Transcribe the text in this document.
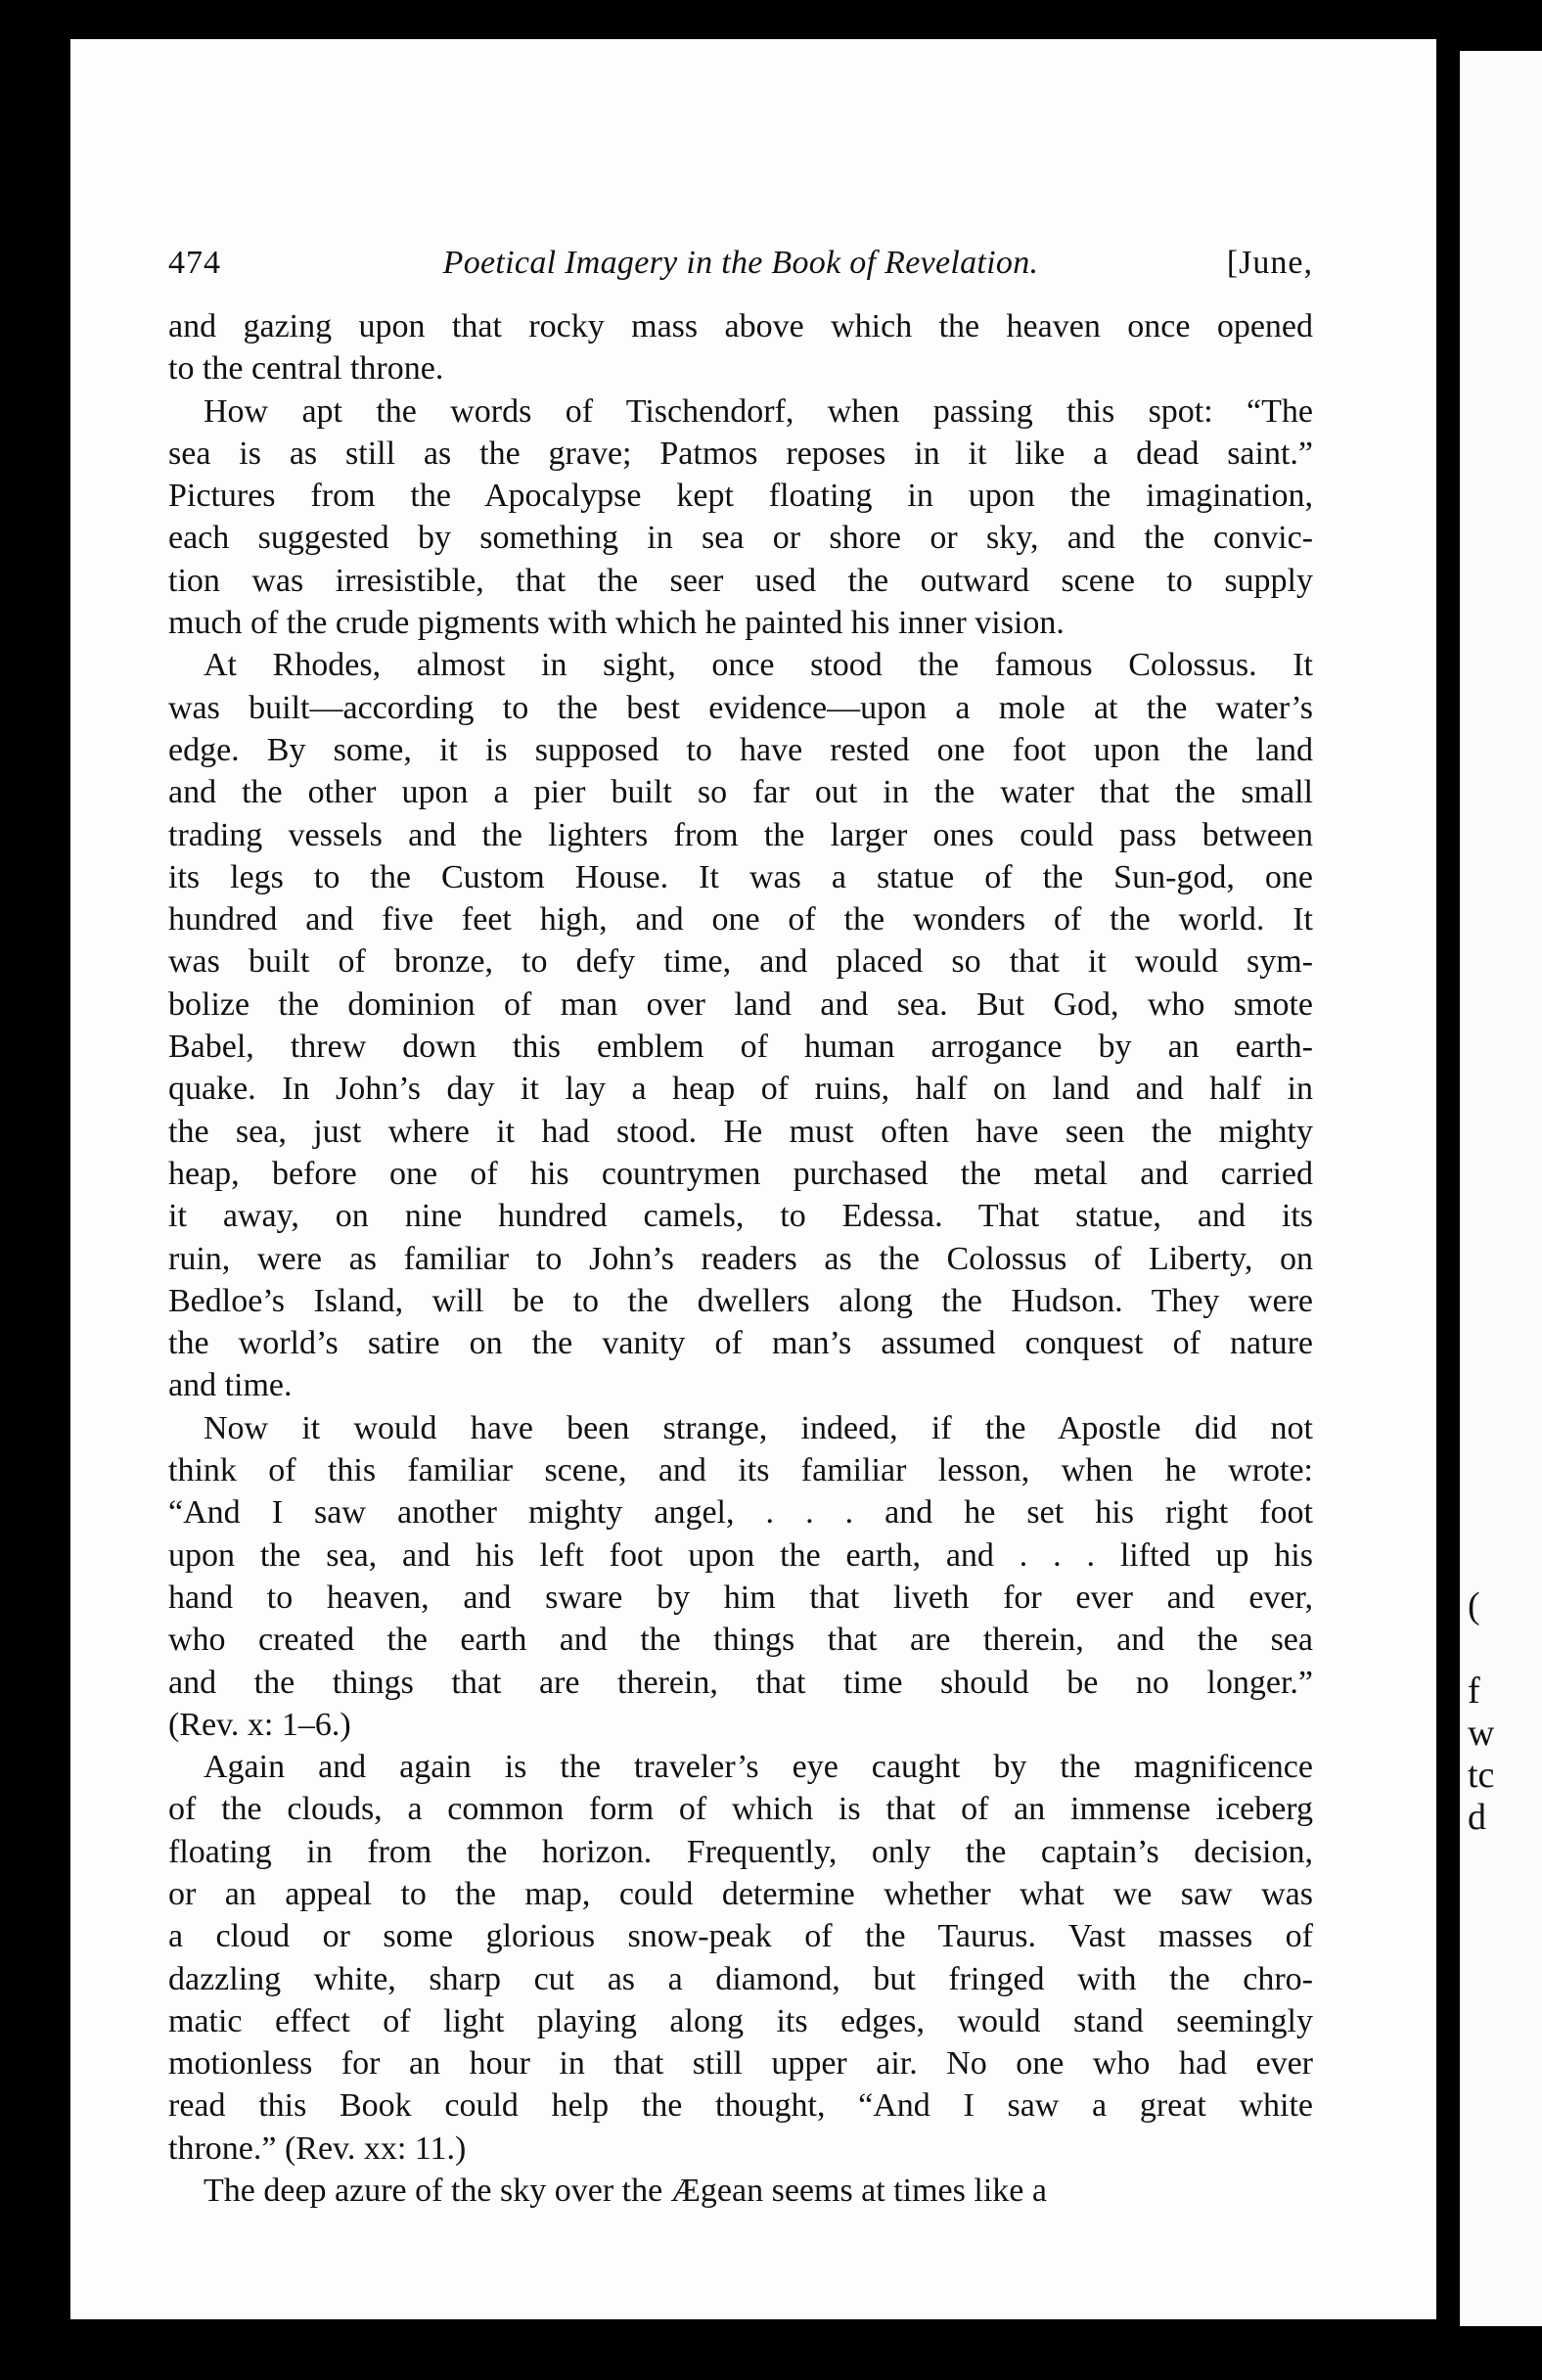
(
f
w
tc
d
474	Poetical Imagery in the Book of Revelation.	[June,
and gazing upon that rocky mass above which the heaven once opened
to the central throne.
How apt the words of Tischendorf, when passing this spot: “The
sea is as still as the grave; Patmos reposes in it like a dead saint.”
Pictures from the Apocalypse kept floating in upon the imagination,
each suggested by something in sea or shore or sky, and the convic-
tion was irresistible, that the seer used the outward scene to supply
much of the crude pigments with which he painted his inner vision.
At Rhodes, almost in sight, once stood the famous Colossus. It
was built—according to the best evidence—upon a mole at the water’s
edge. By some, it is supposed to have rested one foot upon the land
and the other upon a pier built so far out in the water that the small
trading vessels and the lighters from the larger ones could pass between
its legs to the Custom House. It was a statue of the Sun-god, one
hundred and five feet high, and one of the wonders of the world. It
was built of bronze, to defy time, and placed so that it would sym-
bolize the dominion of man over land and sea. But God, who smote
Babel, threw down this emblem of human arrogance by an earth-
quake. In John’s day it lay a heap of ruins, half on land and half in
the sea, just where it had stood. He must often have seen the mighty
heap, before one of his countrymen purchased the metal and carried
it away, on nine hundred camels, to Edessa. That statue, and its
ruin, were as familiar to John’s readers as the Colossus of Liberty, on
Bedloe’s Island, will be to the dwellers along the Hudson. They were
the world’s satire on the vanity of man’s assumed conquest of nature
and time.
Now it would have been strange, indeed, if the Apostle did not
think of this familiar scene, and its familiar lesson, when he wrote:
“And I saw another mighty angel, . . . and he set his right foot
upon the sea, and his left foot upon the earth, and . . . lifted up his
hand to heaven, and sware by him that liveth for ever and ever,
who created the earth and the things that are therein, and the sea
and the things that are therein, that time should be no longer.”
(Rev. x: 1–6.)
Again and again is the traveler’s eye caught by the magnificence
of the clouds, a common form of which is that of an immense iceberg
floating in from the horizon. Frequently, only the captain’s decision,
or an appeal to the map, could determine whether what we saw was
a cloud or some glorious snow-peak of the Taurus. Vast masses of
dazzling white, sharp cut as a diamond, but fringed with the chro-
matic effect of light playing along its edges, would stand seemingly
motionless for an hour in that still upper air. No one who had ever
read this Book could help the thought, “And I saw a great white
throne.” (Rev. xx: 11.)
The deep azure of the sky over the Ægean seems at times like a
